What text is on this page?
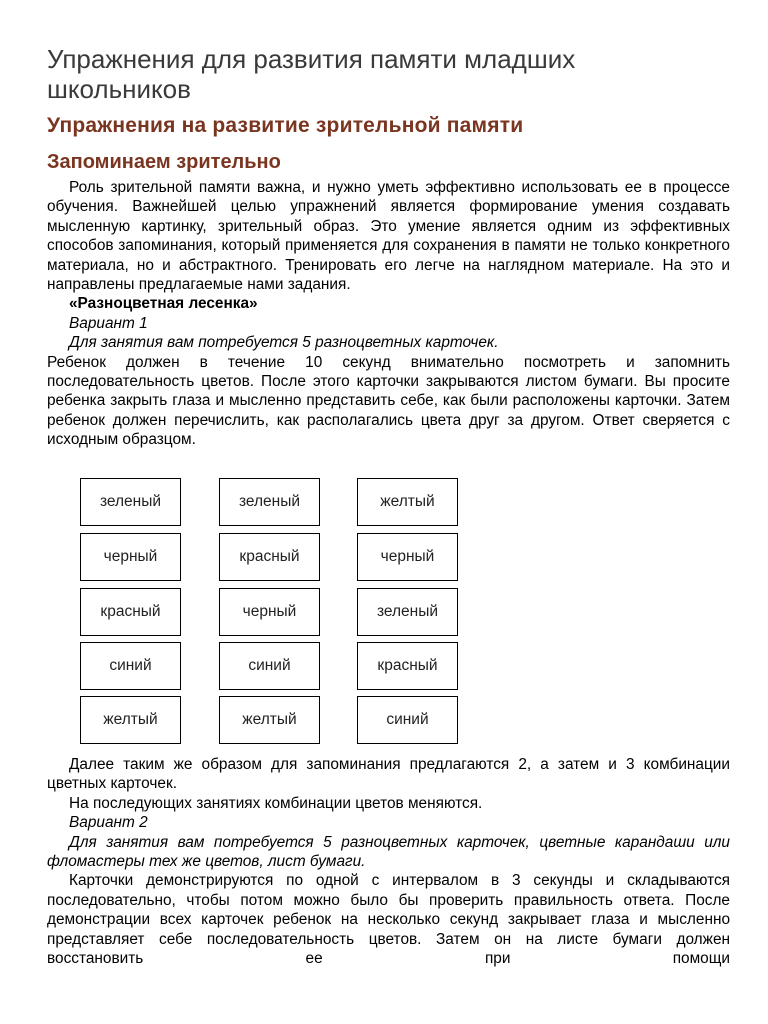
Упражнения для развития памяти младших школьников
Упражнения на развитие зрительной памяти
Запоминаем зрительно

Роль зрительной памяти важна, и нужно уметь эффективно использовать ее в процессе обучения. Важнейшей целью упражнений является формирование умения создавать мысленную картинку, зрительный образ. Это умение является одним из эффективных способов запоминания, который применяется для сохранения в памяти не только конкретного материала, но и абстрактного. Тренировать его легче на наглядном материале. На это и направлены предлагаемые нами задания.

«Разноцветная лесенка»

Вариант 1

Для занятия вам потребуется 5 разноцветных карточек.

Ребенок должен в течение 10 секунд внимательно посмотреть и запомнить последовательность цветов. После этого карточки закрываются листом бумаги. Вы просите ребенка закрыть глаза и мысленно представить себе, как были расположены карточки. Затем ребенок должен перечислить, как располагались цвета друг за другом. Ответ сверяется с исходным образцом.

зеленый
черный
красный
синий
желтый
зеленый
красный
черный
синий
желтый
желтый
черный
зеленый
красный
синий

Далее таким же образом для запоминания предлагаются 2, а затем и 3 комбинации цветных карточек.

На последующих занятиях комбинации цветов меняются.

Вариант 2

Для занятия вам потребуется 5 разноцветных карточек, цветные карандаши или фломастеры тех же цветов, лист бумаги.

Карточки демонстрируются по одной с интервалом в 3 секунды и складываются последовательно, чтобы потом можно было бы проверить правильность ответа. После демонстрации всех карточек ребенок на несколько секунд закрывает глаза и мысленно представляет себе последовательность цветов. Затем он на листе бумаги должен восстановить ее при помощи
